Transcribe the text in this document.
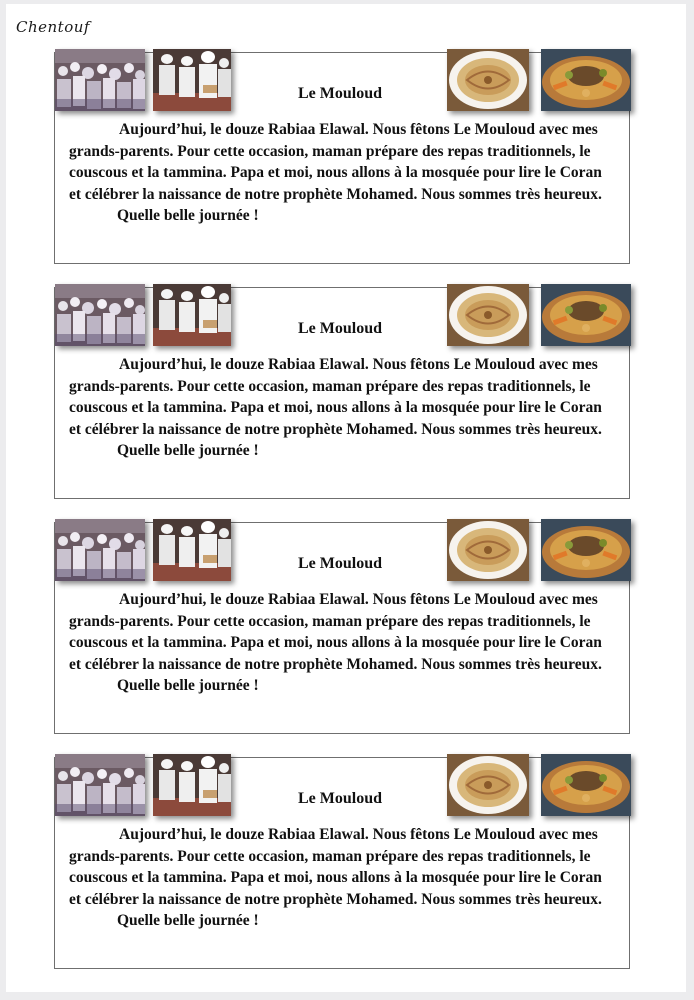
Chentouf
Le Mouloud
Aujourd’hui, le douze Rabiaa Elawal. Nous fêtons Le Mouloud avec mes grands-parents. Pour cette occasion, maman prépare des repas traditionnels, le couscous et la tammina. Papa et moi, nous allons à la mosquée pour lire le Coran et célébrer la naissance de notre prophète Mohamed. Nous sommes très heureux.
Quelle belle journée !
Le Mouloud
Aujourd’hui, le douze Rabiaa Elawal. Nous fêtons Le Mouloud avec mes grands-parents. Pour cette occasion, maman prépare des repas traditionnels, le couscous et la tammina. Papa et moi, nous allons à la mosquée pour lire le Coran et célébrer la naissance de notre prophète Mohamed. Nous sommes très heureux.
Quelle belle journée !
Le Mouloud
Aujourd’hui, le douze Rabiaa Elawal. Nous fêtons Le Mouloud avec mes grands-parents. Pour cette occasion, maman prépare des repas traditionnels, le couscous et la tammina. Papa et moi, nous allons à la mosquée pour lire le Coran et célébrer la naissance de notre prophète Mohamed. Nous sommes très heureux.
Quelle belle journée !
Le Mouloud
Aujourd’hui, le douze Rabiaa Elawal. Nous fêtons Le Mouloud avec mes grands-parents. Pour cette occasion, maman prépare des repas traditionnels, le couscous et la tammina. Papa et moi, nous allons à la mosquée pour lire le Coran et célébrer la naissance de notre prophète Mohamed. Nous sommes très heureux.
Quelle belle journée !
